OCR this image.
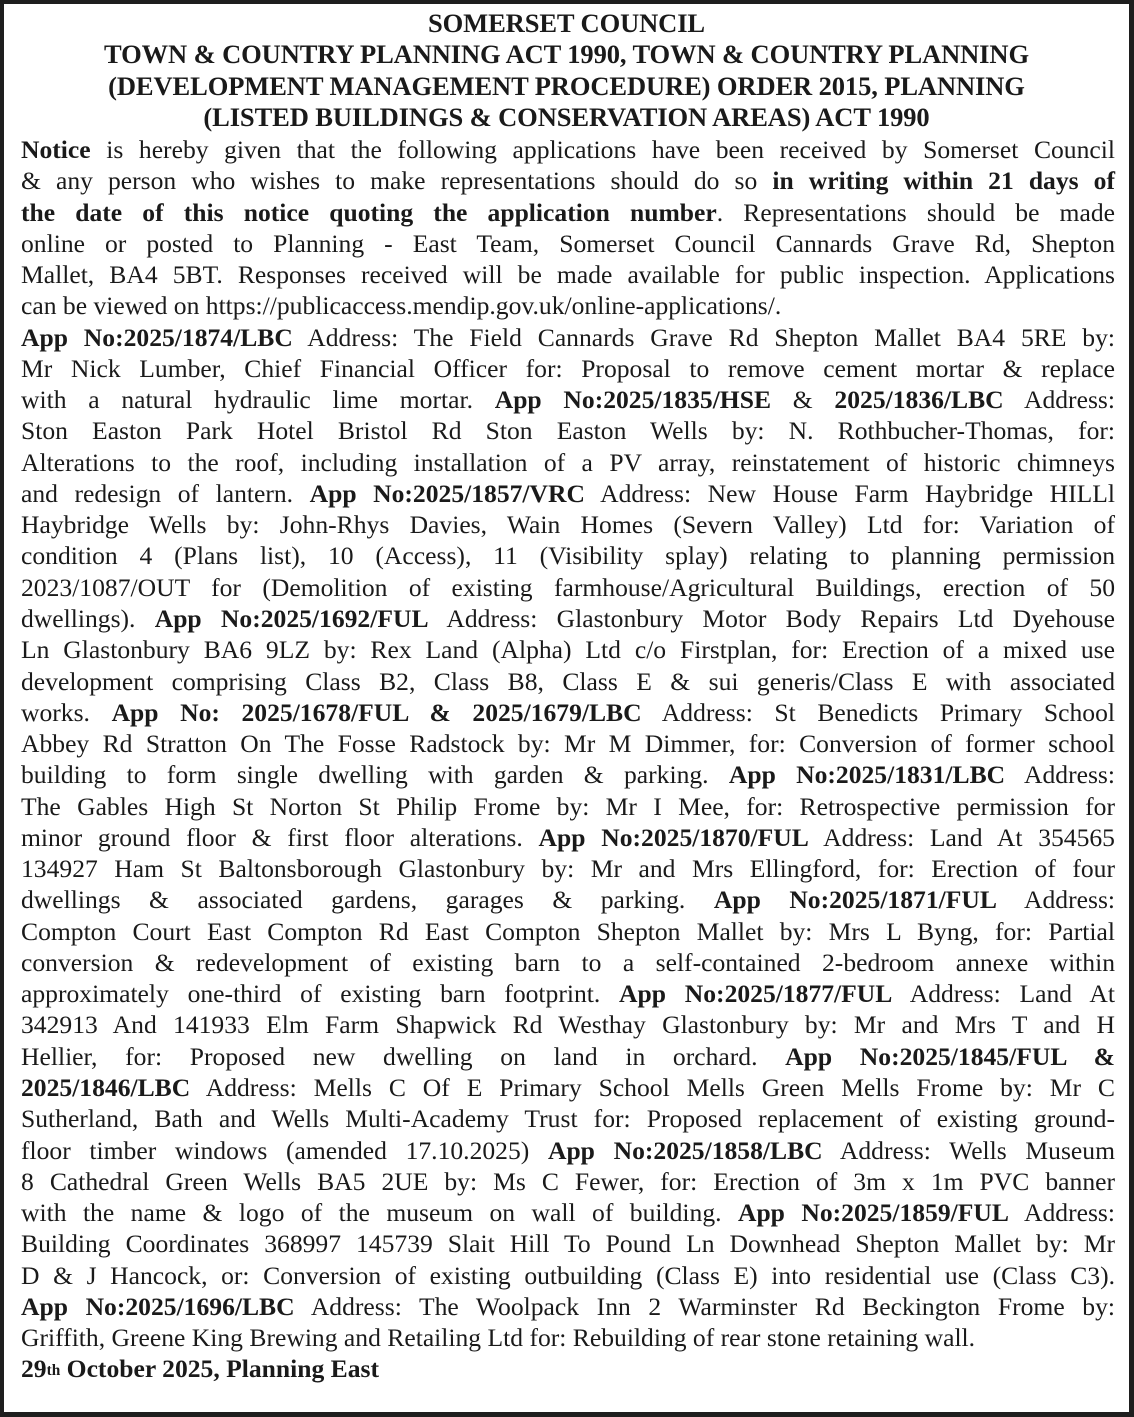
SOMERSET COUNCIL
TOWN & COUNTRY PLANNING ACT 1990, TOWN & COUNTRY PLANNING
(DEVELOPMENT MANAGEMENT PROCEDURE) ORDER 2015, PLANNING
(LISTED BUILDINGS & CONSERVATION AREAS) ACT 1990
Notice is hereby given that the following applications have been received by Somerset Council
& any person who wishes to make representations should do so in writing within 21 days of
the date of this notice quoting the application number. Representations should be made
online or posted to Planning - East Team, Somerset Council Cannards Grave Rd, Shepton
Mallet, BA4 5BT. Responses received will be made available for public inspection. Applications
can be viewed on https://publicaccess.mendip.gov.uk/online-applications/.
App No:2025/1874/LBC Address: The Field Cannards Grave Rd Shepton Mallet BA4 5RE by:
Mr Nick Lumber, Chief Financial Officer for: Proposal to remove cement mortar & replace
with a natural hydraulic lime mortar. App No:2025/1835/HSE & 2025/1836/LBC Address:
Ston Easton Park Hotel Bristol Rd Ston Easton Wells by: N. Rothbucher-Thomas, for:
Alterations to the roof, including installation of a PV array, reinstatement of historic chimneys
and redesign of lantern. App No:2025/1857/VRC Address: New House Farm Haybridge HILLl
Haybridge Wells by: John-Rhys Davies, Wain Homes (Severn Valley) Ltd for: Variation of
condition 4 (Plans list), 10 (Access), 11 (Visibility splay) relating to planning permission
2023/1087/OUT for (Demolition of existing farmhouse/Agricultural Buildings, erection of 50
dwellings). App No:2025/1692/FUL Address: Glastonbury Motor Body Repairs Ltd Dyehouse
Ln Glastonbury BA6 9LZ by: Rex Land (Alpha) Ltd c/o Firstplan, for: Erection of a mixed use
development comprising Class B2, Class B8, Class E & sui generis/Class E with associated
works. App No: 2025/1678/FUL & 2025/1679/LBC Address: St Benedicts Primary School
Abbey Rd Stratton On The Fosse Radstock by: Mr M Dimmer, for: Conversion of former school
building to form single dwelling with garden & parking. App No:2025/1831/LBC Address:
The Gables High St Norton St Philip Frome by: Mr I Mee, for: Retrospective permission for
minor ground floor & first floor alterations. App No:2025/1870/FUL Address: Land At 354565
134927 Ham St Baltonsborough Glastonbury by: Mr and Mrs Ellingford, for: Erection of four
dwellings & associated gardens, garages & parking. App No:2025/1871/FUL Address:
Compton Court East Compton Rd East Compton Shepton Mallet by: Mrs L Byng, for: Partial
conversion & redevelopment of existing barn to a self-contained 2-bedroom annexe within
approximately one-third of existing barn footprint. App No:2025/1877/FUL Address: Land At
342913 And 141933 Elm Farm Shapwick Rd Westhay Glastonbury by: Mr and Mrs T and H
Hellier, for: Proposed new dwelling on land in orchard. App No:2025/1845/FUL &
2025/1846/LBC Address: Mells C Of E Primary School Mells Green Mells Frome by: Mr C
Sutherland, Bath and Wells Multi-Academy Trust for: Proposed replacement of existing ground-
floor timber windows (amended 17.10.2025) App No:2025/1858/LBC Address: Wells Museum
8 Cathedral Green Wells BA5 2UE by: Ms C Fewer, for: Erection of 3m x 1m PVC banner
with the name & logo of the museum on wall of building. App No:2025/1859/FUL Address:
Building Coordinates 368997 145739 Slait Hill To Pound Ln Downhead Shepton Mallet by: Mr
D & J Hancock, or: Conversion of existing outbuilding (Class E) into residential use (Class C3).
App No:2025/1696/LBC Address: The Woolpack Inn 2 Warminster Rd Beckington Frome by:
Griffith, Greene King Brewing and Retailing Ltd for: Rebuilding of rear stone retaining wall.
29th October 2025, Planning East
